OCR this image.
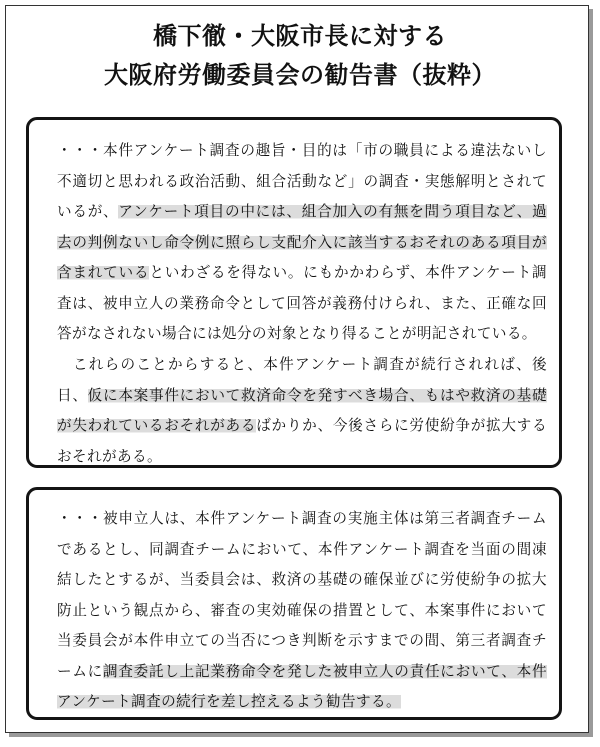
橋下徹・大阪市長に対する
大阪府労働委員会の勧告書（抜粋）

・・・本件アンケート調査の趣旨・目的は「市の職員による違法ないし不適切と思われる政治活動、組合活動など」の調査・実態解明とされているが、アンケート項目の中には、組合加入の有無を問う項目など、過去の判例ないし命令例に照らし支配介入に該当するおそれのある項目が含まれているといわざるを得ない。にもかかわらず、本件アンケート調査は、被申立人の業務命令として回答が義務付けられ、また、正確な回答がなされない場合には処分の対象となり得ることが明記されている。

　これらのことからすると、本件アンケート調査が続行されれば、後日、仮に本案事件において救済命令を発すべき場合、もはや救済の基礎が失われているおそれがあるばかりか、今後さらに労使紛争が拡大するおそれがある。

・・・被申立人は、本件アンケート調査の実施主体は第三者調査チームであるとし、同調査チームにおいて、本件アンケート調査を当面の間凍結したとするが、当委員会は、救済の基礎の確保並びに労使紛争の拡大防止という観点から、審査の実効確保の措置として、本案事件において当委員会が本件申立ての当否につき判断を示すまでの間、第三者調査チームに調査委託し上記業務命令を発した被申立人の責任において、本件アンケート調査の続行を差し控えるよう勧告する。
